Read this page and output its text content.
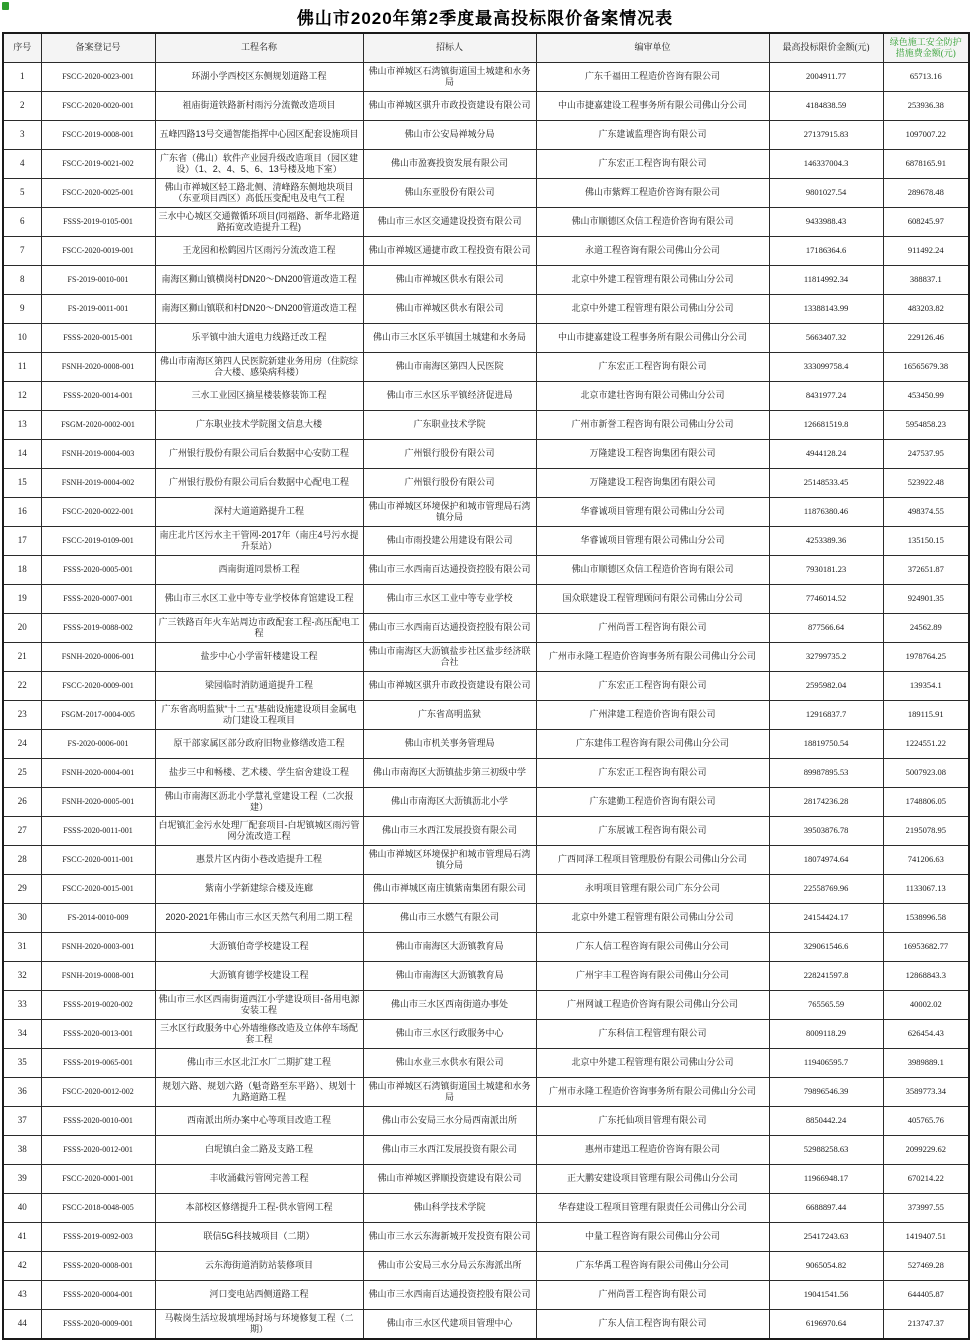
佛山市2020年第2季度最高投标限价备案情况表
序号	备案登记号	工程名称	招标人	编审单位	最高投标限价金额(元)	绿色施工安全防护措施费金额(元)
1	FSCC-2020-0023-001	环湖小学西校区东侧规划道路工程	佛山市禅城区石湾镇街道国土城建和水务局	广东千福田工程造价咨询有限公司	2004911.77	65713.16
2	FSCC-2020-0020-001	祖庙街道铁路新村雨污分流微改造项目	佛山市禅城区骐升市政投资建设有限公司	中山市捷嘉建设工程事务所有限公司佛山分公司	4184838.59	253936.38
3	FSCC-2019-0008-001	五峰四路13号交通智能指挥中心园区配套设施项目	佛山市公安局禅城分局	广东建诚监理咨询有限公司	27137915.83	1097007.22
4	FSCC-2019-0021-002	广东省（佛山）软件产业园升级改造项目（园区建设）（1、2、4、5、6、13号楼及地下室）	佛山市盈赛投资发展有限公司	广东宏正工程咨询有限公司	146337004.3	6878165.91
5	FSCC-2020-0025-001	佛山市禅城区轻工路北侧、清峰路东侧地块项目（东亚项目西区）高低压变配电及电气工程	佛山东亚股份有限公司	佛山市紫辉工程造价咨询有限公司	9801027.54	289678.48
6	FSSS-2019-0105-001	三水中心城区交通微循环项目(同福路、新华北路道路拓宽改造提升工程)	佛山市三水区交通建设投资有限公司	佛山市顺德区众信工程造价咨询有限公司	9433988.43	608245.97
7	FSCC-2020-0019-001	王龙园和松鹤园片区雨污分流改造工程	佛山市禅城区通捷市政工程投资有限公司	永道工程咨询有限公司佛山分公司	17186364.6	911492.24
8	FS-2019-0010-001	南海区狮山镇横岗村DN20～DN200管道改造工程	佛山市禅城区供水有限公司	北京中外建工程管理有限公司佛山分公司	11814992.34	388837.1
9	FS-2019-0011-001	南海区狮山镇联和村DN20～DN200管道改造工程	佛山市禅城区供水有限公司	北京中外建工程管理有限公司佛山分公司	13388143.99	483203.82
10	FSSS-2020-0015-001	乐平镇中油大道电力线路迁改工程	佛山市三水区乐平镇国土城建和水务局	中山市捷嘉建设工程事务所有限公司佛山分公司	5663407.32	229126.46
11	FSNH-2020-0008-001	佛山市南海区第四人民医院新建业务用房（住院综合大楼、感染病科楼）	佛山市南海区第四人民医院	广东宏正工程咨询有限公司	333099758.4	16565679.38
12	FSSS-2020-0014-001	三水工业园区摘星楼装修装饰工程	佛山市三水区乐平镇经济促进局	北京市建壮咨询有限公司佛山分公司	8431977.24	453450.99
13	FSGM-2020-0002-001	广东职业技术学院图文信息大楼	广东职业技术学院	广州市新誉工程咨询有限公司佛山分公司	126681519.8	5954858.23
14	FSNH-2019-0004-003	广州银行股份有限公司后台数据中心安防工程	广州银行股份有限公司	万隆建设工程咨询集团有限公司	4944128.24	247537.95
15	FSNH-2019-0004-002	广州银行股份有限公司后台数据中心配电工程	广州银行股份有限公司	万隆建设工程咨询集团有限公司	25148533.45	523922.48
16	FSCC-2020-0022-001	深村大道道路提升工程	佛山市禅城区环境保护和城市管理局石湾镇分局	华睿诚项目管理有限公司佛山分公司	11876380.46	498374.55
17	FSCC-2019-0109-001	南庄北片区污水主干管网-2017年（南庄4号污水提升泵站）	佛山市雨投建公用建设有限公司	华睿诚项目管理有限公司佛山分公司	4253389.36	135150.15
18	FSSS-2020-0005-001	西南街道同景桥工程	佛山市三水西南百达通投资控股有限公司	佛山市顺德区众信工程造价咨询有限公司	7930181.23	372651.87
19	FSSS-2020-0007-001	佛山市三水区工业中等专业学校体育馆建设工程	佛山市三水区工业中等专业学校	国众联建设工程管理顾问有限公司佛山分公司	7746014.52	924901.35
20	FSSS-2019-0088-002	广三铁路百年火车站周边市政配套工程-高压配电工程	佛山市三水西南百达通投资控股有限公司	广州尚晋工程咨询有限公司	877566.64	24562.89
21	FSNH-2020-0006-001	盐步中心小学雷轩楼建设工程	佛山市南海区大沥镇盐步社区盐步经济联合社	广州市永隆工程造价咨询事务所有限公司佛山分公司	32799735.2	1978764.25
22	FSCC-2020-0009-001	梁园临时消防通道提升工程	佛山市禅城区骐升市政投资建设有限公司	广东宏正工程咨询有限公司	2595982.04	139354.1
23	FSGM-2017-0004-005	广东省高明监狱“十二五”基础设施建设项目金属电动门建设工程项目	广东省高明监狱	广州津建工程造价咨询有限公司	12916837.7	189115.91
24	FS-2020-0006-001	原干部家属区部分政府旧物业修缮改造工程	佛山市机关事务管理局	广东建伟工程咨询有限公司佛山分公司	18819750.54	1224551.22
25	FSNH-2020-0004-001	盐步三中和畅楼、艺术楼、学生宿舍建设工程	佛山市南海区大沥镇盐步第三初级中学	广东宏正工程咨询有限公司	89987895.53	5007923.08
26	FSNH-2020-0005-001	佛山市南海区沥北小学慧礼堂建设工程（二次报建）	佛山市南海区大沥镇沥北小学	广东建勤工程造价咨询有限公司	28174236.28	1748806.05
27	FSSS-2020-0011-001	白坭镇汇金污水处理厂配套项目-白坭镇城区雨污管网分流改造工程	佛山市三水西江发展投资有限公司	广东展诚工程咨询有限公司	39503876.78	2195078.95
28	FSCC-2020-0011-001	惠景片区内街小巷改造提升工程	佛山市禅城区环境保护和城市管理局石湾镇分局	广西同泽工程项目管理股份有限公司佛山分公司	18074974.64	741206.63
29	FSCC-2020-0015-001	紫南小学新建综合楼及连廊	佛山市禅城区南庄镇紫南集团有限公司	永明项目管理有限公司广东分公司	22558769.96	1133067.13
30	FS-2014-0010-009	2020-2021年佛山市三水区天然气利用二期工程	佛山市三水燃气有限公司	北京中外建工程管理有限公司佛山分公司	24154424.17	1538996.58
31	FSNH-2020-0003-001	大沥镇伯奇学校建设工程	佛山市南海区大沥镇教育局	广东人信工程咨询有限公司佛山分公司	329061546.6	16953682.77
32	FSNH-2019-0008-001	大沥镇育德学校建设工程	佛山市南海区大沥镇教育局	广州宇丰工程咨询有限公司佛山分公司	228241597.8	12868843.3
33	FSSS-2019-0020-002	佛山市三水区西南街道西江小学建设项目-备用电源安装工程	佛山市三水区西南街道办事处	广州网诚工程造价咨询有限公司佛山分公司	765565.59	40002.02
34	FSSS-2020-0013-001	三水区行政服务中心外墙维修改造及立体停车场配套工程	佛山市三水区行政服务中心	广东科信工程管理有限公司	8009118.29	626454.43
35	FSSS-2019-0065-001	佛山市三水区北江水厂二期扩建工程	佛山水业三水供水有限公司	北京中外建工程管理有限公司佛山分公司	119406595.7	3989889.1
36	FSCC-2020-0012-002	规划六路、规划六路（魁奇路至东平路）、规划十九路道路工程	佛山市禅城区石湾镇街道国土城建和水务局	广州市永隆工程造价咨询事务所有限公司佛山分公司	79896546.39	3589773.34
37	FSSS-2020-0010-001	西南派出所办案中心等项目改造工程	佛山市公安局三水分局西南派出所	广东托仙项目管理有限公司	8850442.24	405765.76
38	FSSS-2020-0012-001	白坭镇白金二路及支路工程	佛山市三水西江发展投资有限公司	惠州市建迅工程造价咨询有限公司	52988258.63	2099229.62
39	FSCC-2020-0001-001	丰收涌截污管网完善工程	佛山市禅城区骅顺投资建设有限公司	正大鹏安建设项目管理有限公司佛山分公司	11966948.17	670214.22
40	FSCC-2018-0048-005	本部校区修缮提升工程-供水管网工程	佛山科学技术学院	华春建设工程项目管理有限责任公司佛山分公司	6688897.44	373997.55
41	FSSS-2019-0092-003	联信5G科技城项目（二期）	佛山市三水云东海新城开发投资有限公司	中量工程咨询有限公司佛山分公司	25417243.63	1419407.51
42	FSSS-2020-0008-001	云东海街道消防站装修项目	佛山市公安局三水分局云东海派出所	广东华禹工程咨询有限公司佛山分公司	9065054.82	527469.28
43	FSSS-2020-0004-001	河口变电站西侧道路工程	佛山市三水西南百达通投资控股有限公司	广州尚晋工程咨询有限公司	19041541.56	644405.87
44	FSSS-2020-0009-001	马鞍岗生活垃圾填埋场封场与环境修复工程（二期）	佛山市三水区代建项目管理中心	广东人信工程咨询有限公司	6196970.64	213747.37
